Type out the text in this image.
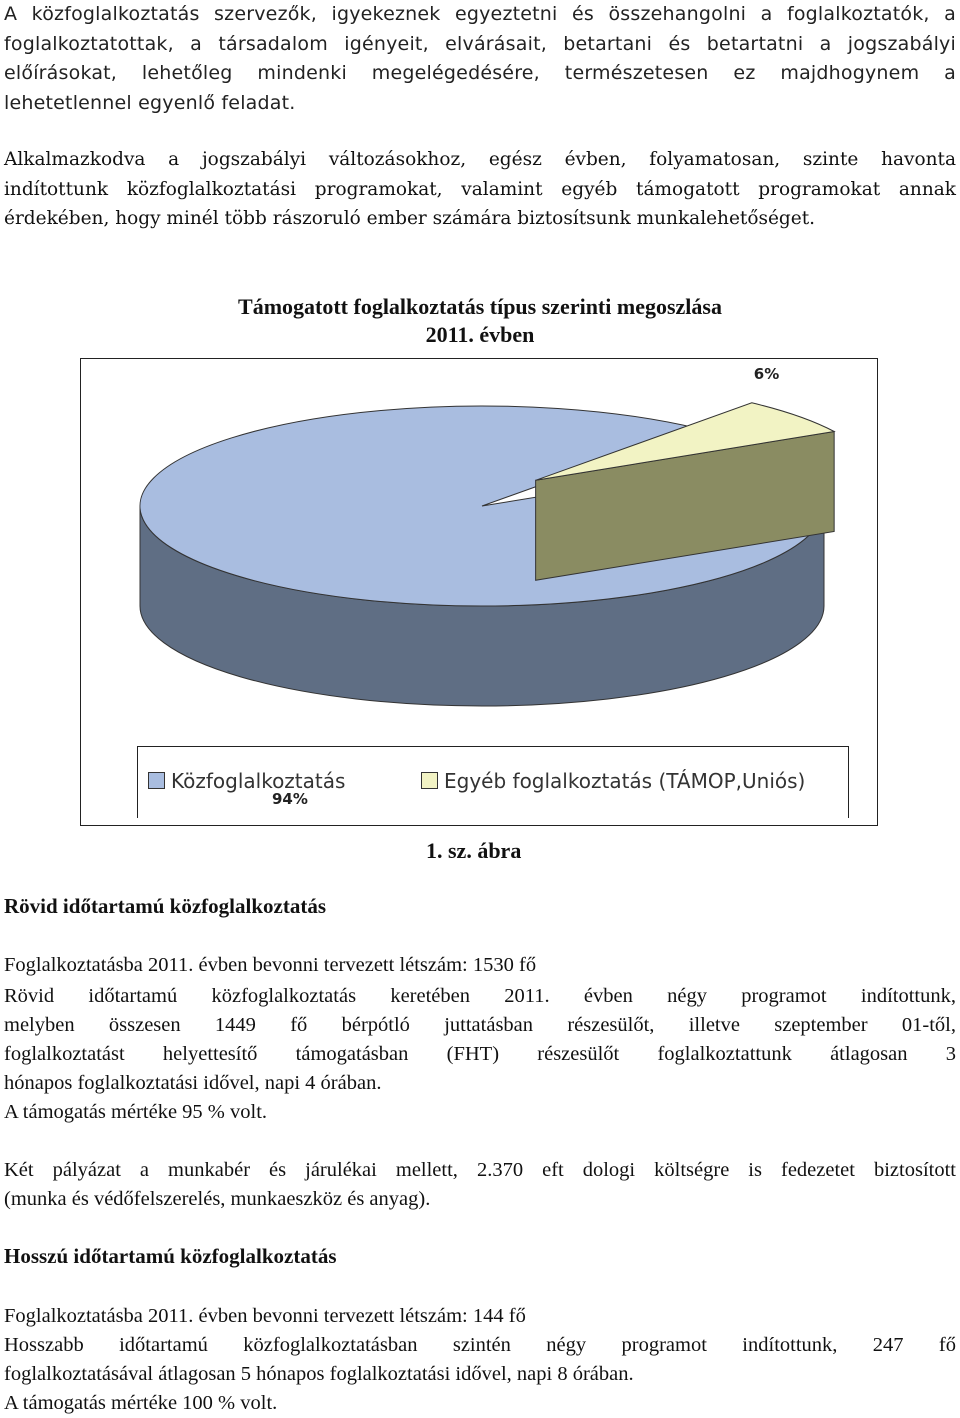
A közfoglalkoztatás szervezők, igyekeznek egyeztetni és összehangolni a foglalkoztatók, a
foglalkoztatottak, a társadalom igényeit, elvárásait, betartani és betartatni a jogszabályi
előírásokat, lehetőleg mindenki megelégedésére, természetesen ez majdhogynem a
lehetetlennel egyenlő feladat.
Alkalmazkodva a jogszabályi változásokhoz, egész évben, folyamatosan, szinte havonta
indítottunk közfoglalkoztatási programokat, valamint egyéb támogatott programokat annak
érdekében, hogy minél több rászoruló ember számára biztosítsunk munkalehetőséget.
Támogatott foglalkoztatás típus szerinti megoszlása
2011. évben
6%
94%
Közfoglalkoztatás	Egyéb foglalkoztatás (TÁMOP,Uniós)
1. sz. ábra
Rövid időtartamú közfoglalkoztatás
Foglalkoztatásba 2011. évben bevonni tervezett létszám: 1530 fő
Rövid időtartamú közfoglalkoztatás keretében 2011. évben négy programot indítottunk,
melyben összesen 1449 fő bérpótló juttatásban részesülőt, illetve szeptember 01-től,
foglalkoztatást helyettesítő támogatásban (FHT) részesülőt foglalkoztattunk átlagosan 3
hónapos foglalkoztatási idővel, napi 4 órában.
A támogatás mértéke 95 % volt.
Két pályázat a munkabér és járulékai mellett, 2.370 eft dologi költségre is fedezetet biztosított
(munka és védőfelszerelés, munkaeszköz és anyag).
Hosszú időtartamú közfoglalkoztatás
Foglalkoztatásba 2011. évben bevonni tervezett létszám: 144 fő
Hosszabb időtartamú közfoglalkoztatásban szintén négy programot indítottunk, 247 fő
foglalkoztatásával átlagosan 5 hónapos foglalkoztatási idővel, napi 8 órában.
A támogatás mértéke 100 % volt.
